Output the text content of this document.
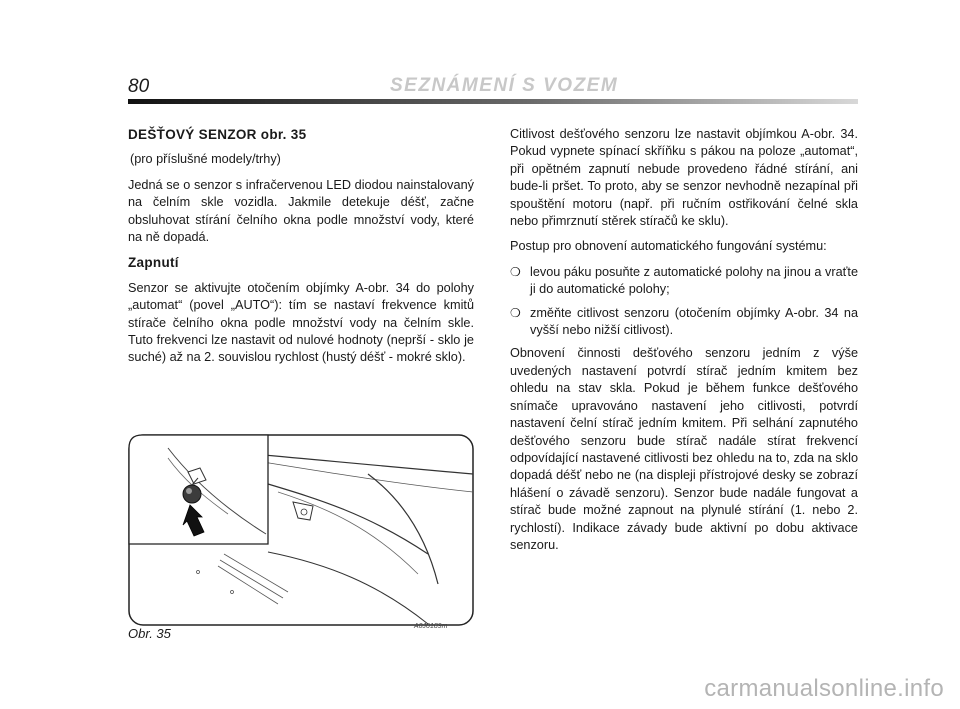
80	SEZNÁMENÍ S VOZEM

DEŠŤOVÝ SENZOR obr. 35

(pro příslušné modely/trhy)

Jedná se o senzor s infračervenou LED diodou nainstalovaný na čelním skle vozidla. Jakmile detekuje déšť, začne obsluhovat stírání čelního okna podle množství vody, které na ně dopadá.

Zapnutí

Senzor se aktivujte otočením objímky A-obr. 34 do polohy „automat“ (povel „AUTO“): tím se nastaví frekvence kmitů stírače čelního okna podle množství vody na čelním skle. Tuto frekvenci lze nastavit od nulové hodnoty (neprší - sklo je suché) až na 2. souvislou rychlost (hustý déšť - mokré sklo).

Citlivost dešťového senzoru lze nastavit objímkou A-obr. 34. Pokud vypnete spínací skříňku s pákou na poloze „automat“, při opětném zapnutí nebude provedeno řádné stírání, ani bude-li pršet. To proto, aby se senzor nevhodně nezapínal při spouštění motoru (např. při ručním ostřikování čelné skla nebo přimrznutí stěrek stíračů ke sklu).

Postup pro obnovení automatického fungování systému:

❍ levou páku posuňte z automatické polohy na jinou a vraťte ji do automatické polohy;
❍ změňte citlivost senzoru (otočením objímky A-obr. 34 na vyšší nebo nižší citlivost).

Obnovení činnosti dešťového senzoru jedním z výše uvedených nastavení potvrdí stírač jedním kmitem bez ohledu na stav skla. Pokud je během funkce dešťového snímače upravováno nastavení jeho citlivosti, potvrdí nastavení čelní stírač jedním kmitem. Při selhání zapnutého dešťového senzoru bude stírač nadále stírat frekvencí odpovídající nastavené citlivosti bez ohledu na to, zda na sklo dopadá déšť nebo ne (na displeji přístrojové desky se zobrazí hlášení o závadě senzoru). Senzor bude nadále fungovat a stírač bude možné zapnout na plynulé stírání (1. nebo 2. rychlostí). Indikace závady bude aktivní po dobu aktivace senzoru.

Obr. 35	A0J0189m
carmanualsonline.info
